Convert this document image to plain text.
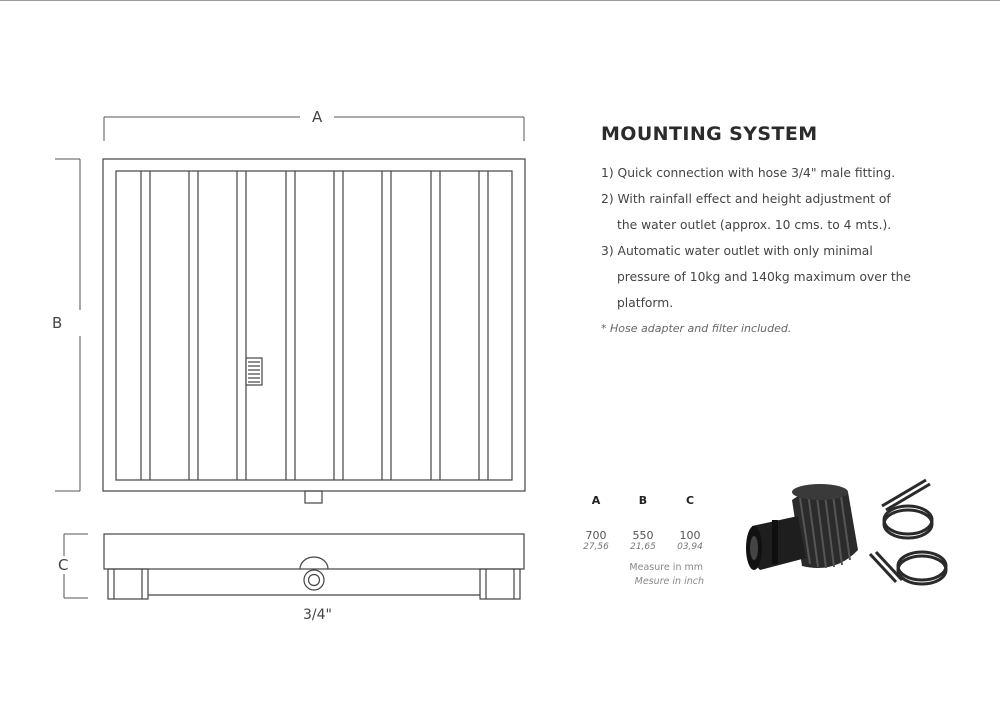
A
B
C
3/4"
MOUNTING SYSTEM
1) Quick connection with hose 3/4" male fitting.
2) With rainfall effect and height adjustment of
the water outlet (approx. 10 cms. to 4 mts.).
3) Automatic water outlet with only minimal
pressure of 10kg and 140kg maximum over the
platform.
* Hose adapter and filter included.
A
700
27,56
B
550
21,65
C
100
03,94
Measure in mm
Mesure in inch
